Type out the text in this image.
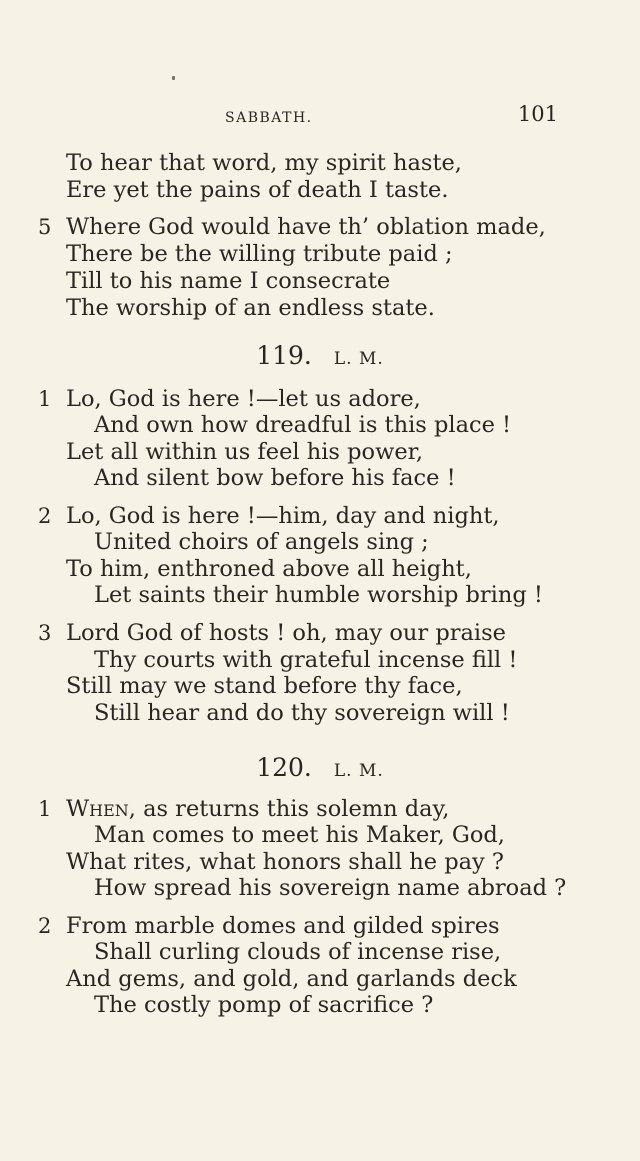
SABBATH.	101
To hear that word, my spirit haste,
Ere yet the pains of death I taste.
5 Where God would have th’ oblation made,
There be the willing tribute paid ;
Till to his name I consecrate
The worship of an endless state.
119. L. M.
1 Lo, God is here !—let us adore,
And own how dreadful is this place !
Let all within us feel his power,
And silent bow before his face !
2 Lo, God is here !—him, day and night,
United choirs of angels sing ;
To him, enthroned above all height,
Let saints their humble worship bring !
3 Lord God of hosts ! oh, may our praise
Thy courts with grateful incense fill !
Still may we stand before thy face,
Still hear and do thy sovereign will !
120. L. M.
1 When, as returns this solemn day,
Man comes to meet his Maker, God,
What rites, what honors shall he pay ?
How spread his sovereign name abroad ?
2 From marble domes and gilded spires
Shall curling clouds of incense rise,
And gems, and gold, and garlands deck
The costly pomp of sacrifice ?
